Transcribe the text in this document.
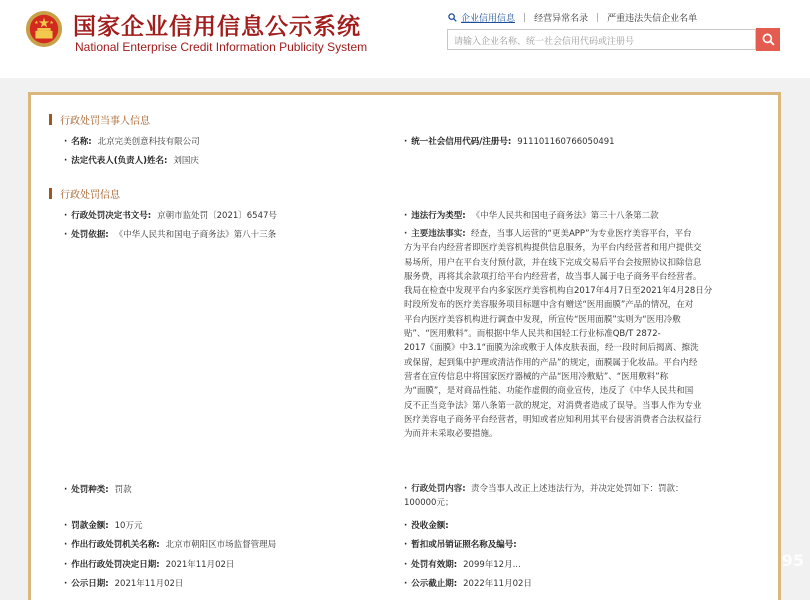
国家企业信用信息公示系统
National Enterprise Credit Information Publicity System
企业信用信息 | 经营异常名录 | 严重违法失信企业名单
请输入企业名称、统一社会信用代码或注册号
行政处罚当事人信息
· 名称: 北京完美创意科技有限公司	· 统一社会信用代码/注册号: 911101160766050491
· 法定代表人(负责人)姓名: 刘国庆
行政处罚信息
· 行政处罚决定书文号: 京朝市监处罚〔2021〕6547号	· 违法行为类型: 《中华人民共和国电子商务法》第三十八条第二款
· 处罚依据: 《中华人民共和国电子商务法》第八十三条	· 主要违法事实: 经查，当事人运营的“更美APP”为专业医疗美容平台，平台

方为平台内经营者即医疗美容机构提供信息服务，为平台内经营者和用户提供交

易场所，用户在平台支付预付款，并在线下完成交易后平台会按照协议扣除信息

服务费，再将其余款项打给平台内经营者，故当事人属于电子商务平台经营者。

我局在检查中发现平台内多家医疗美容机构自2017年4月7日至2021年4月28日分

时段所发布的医疗美容服务项目标题中含有赠送“医用面膜”产品的情况，在对

平台内医疗美容机构进行调查中发现，所宣传“医用面膜”实则为“医用冷敷

贴”、“医用敷料”。而根据中华人民共和国轻工行业标准QB/T 2872-

2017《面膜》中3.1“面膜为涂或敷于人体皮肤表面，经一段时间后揭离、擦洗

或保留，起到集中护理或清洁作用的产品”的规定，面膜属于化妆品。平台内经

营者在宣传信息中将国家医疗器械的产品“医用冷敷贴”、“医用敷料”称

为“面膜”，是对商品性能、功能作虚假的商业宣传，违反了《中华人民共和国

反不正当竞争法》第八条第一款的规定，对消费者造成了误导。当事人作为专业

医疗美容电子商务平台经营者，明知或者应知利用其平台侵害消费者合法权益行

为而并未采取必要措施。

· 处罚种类: 罚款	· 行政处罚内容: 责令当事人改正上述违法行为，并决定处罚如下：罚款：

100000元；

· 罚款金额: 10万元	· 没收金额:
· 作出行政处罚机关名称: 北京市朝阳区市场监督管理局	· 暂扣或吊销证照名称及编号:
· 作出行政处罚决定日期: 2021年11月02日	· 处罚有效期: 2099年12月...
· 公示日期: 2021年11月02日	· 公示截止期: 2022年11月02日
95
